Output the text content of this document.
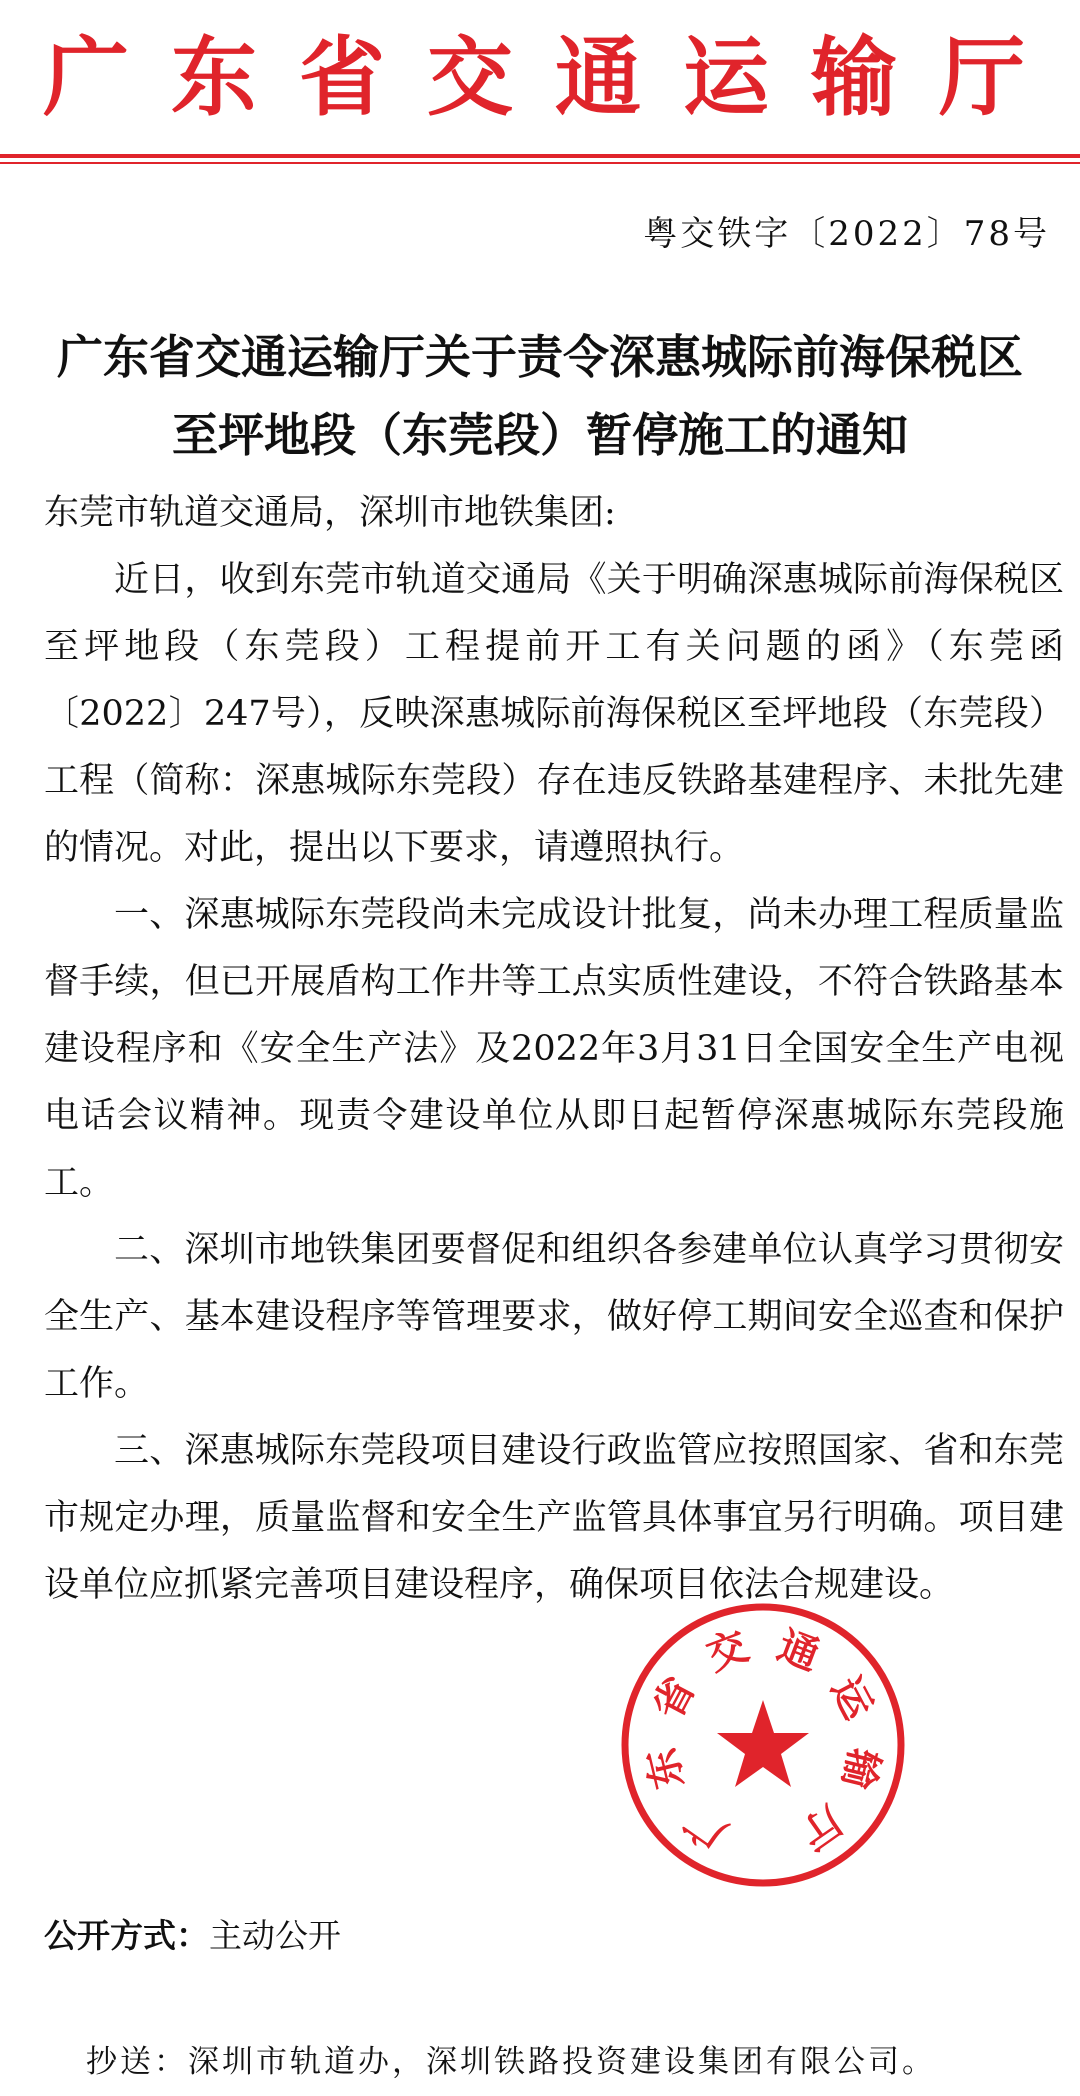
广东省交通运输厅
粤交铁字〔2022〕78号
广东省交通运输厅关于责令深惠城际前海保税区
至坪地段（东莞段）暂停施工的通知

东莞市轨道交通局，深圳市地铁集团:

近日，收到东莞市轨道交通局《关于明确深惠城际前海保税区至坪地段（东莞段）工程提前开工有关问题的函》（东莞函〔2022〕247号），反映深惠城际前海保税区至坪地段（东莞段）工程（简称：深惠城际东莞段）存在违反铁路基建程序、未批先建的情况。对此，提出以下要求，请遵照执行。

一、深惠城际东莞段尚未完成设计批复，尚未办理工程质量监督手续，但已开展盾构工作井等工点实质性建设，不符合铁路基本建设程序和《安全生产法》及2022年3月31日全国安全生产电视电话会议精神。现责令建设单位从即日起暂停深惠城际东莞段施工。

二、深圳市地铁集团要督促和组织各参建单位认真学习贯彻安全生产、基本建设程序等管理要求，做好停工期间安全巡查和保护工作。

三、深惠城际东莞段项目建设行政监管应按照国家、省和东莞市规定办理，质量监督和安全生产监管具体事宜另行明确。项目建设单位应抓紧完善项目建设程序，确保项目依法合规建设。

广
东
省
交 通
运
输
厅
公开方式：主动公开
抄送：深圳市轨道办，深圳铁路投资建设集团有限公司。
